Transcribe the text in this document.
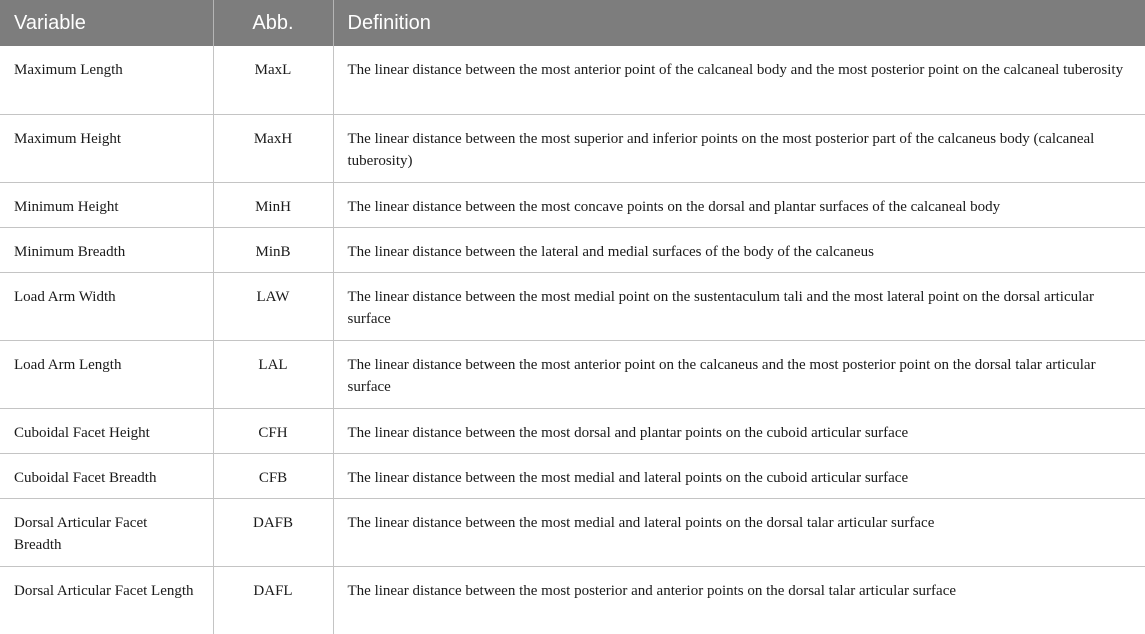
Variable	Abb.	Definition
Maximum Length	MaxL	The linear distance between the most anterior point of the calcaneal body and the most posterior point on the calcaneal tuberosity
Maximum Height	MaxH	The linear distance between the most superior and inferior points on the most posterior part of the calcaneus body (calcaneal tuberosity)
Minimum Height	MinH	The linear distance between the most concave points on the dorsal and plantar surfaces of the calcaneal body
Minimum Breadth	MinB	The linear distance between the lateral and medial surfaces of the body of the calcaneus
Load Arm Width	LAW	The linear distance between the most medial point on the sustentaculum tali and the most lateral point on the dorsal articular surface
Load Arm Length	LAL	The linear distance between the most anterior point on the calcaneus and the most posterior point on the dorsal talar articular surface
Cuboidal Facet Height	CFH	The linear distance between the most dorsal and plantar points on the cuboid articular surface
Cuboidal Facet Breadth	CFB	The linear distance between the most medial and lateral points on the cuboid articular surface
Dorsal Articular Facet Breadth	DAFB	The linear distance between the most medial and lateral points on the dorsal talar articular surface
Dorsal Articular Facet Length	DAFL	The linear distance between the most posterior and anterior points on the dorsal talar articular surface
